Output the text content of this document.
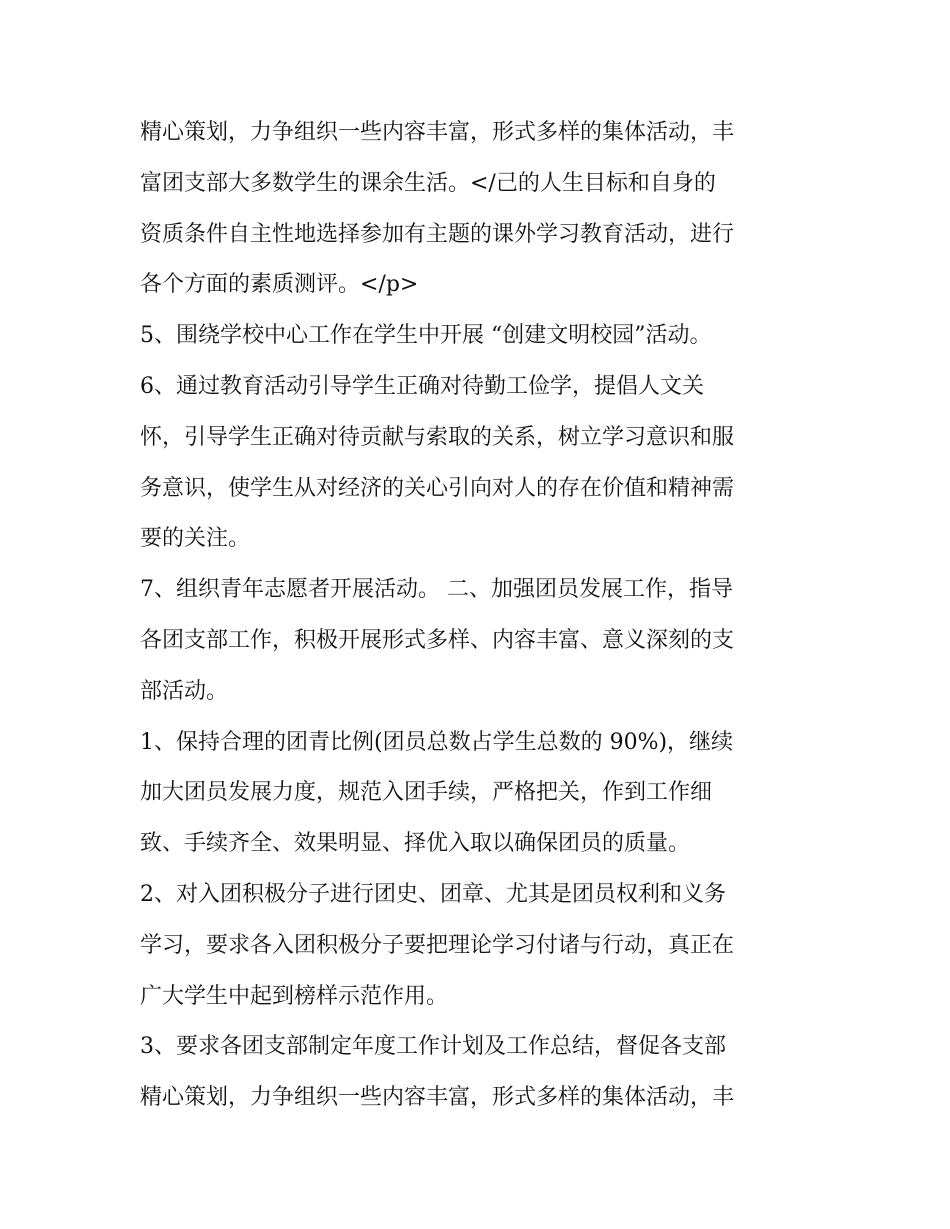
精心策划，力争组织一些内容丰富，形式多样的集体活动，丰
富团支部大多数学生的课余生活。</己的人生目标和自身的
资质条件自主性地选择参加有主题的课外学习教育活动，进行
各个方面的素质测评。</p>
5、围绕学校中心工作在学生中开展 “创建文明校园”活动。
6、通过教育活动引导学生正确对待勤工俭学，提倡人文关
怀，引导学生正确对待贡献与索取的关系，树立学习意识和服
务意识，使学生从对经济的关心引向对人的存在价值和精神需
要的关注。
7、组织青年志愿者开展活动。 二、加强团员发展工作，指导
各团支部工作，积极开展形式多样、内容丰富、意义深刻的支
部活动。
1、保持合理的团青比例(团员总数占学生总数的 90%)，继续
加大团员发展力度，规范入团手续，严格把关，作到工作细
致、手续齐全、效果明显、择优入取以确保团员的质量。
2、对入团积极分子进行团史、团章、尤其是团员权利和义务
学习，要求各入团积极分子要把理论学习付诸与行动，真正在
广大学生中起到榜样示范作用。
3、要求各团支部制定年度工作计划及工作总结，督促各支部
精心策划，力争组织一些内容丰富，形式多样的集体活动，丰
